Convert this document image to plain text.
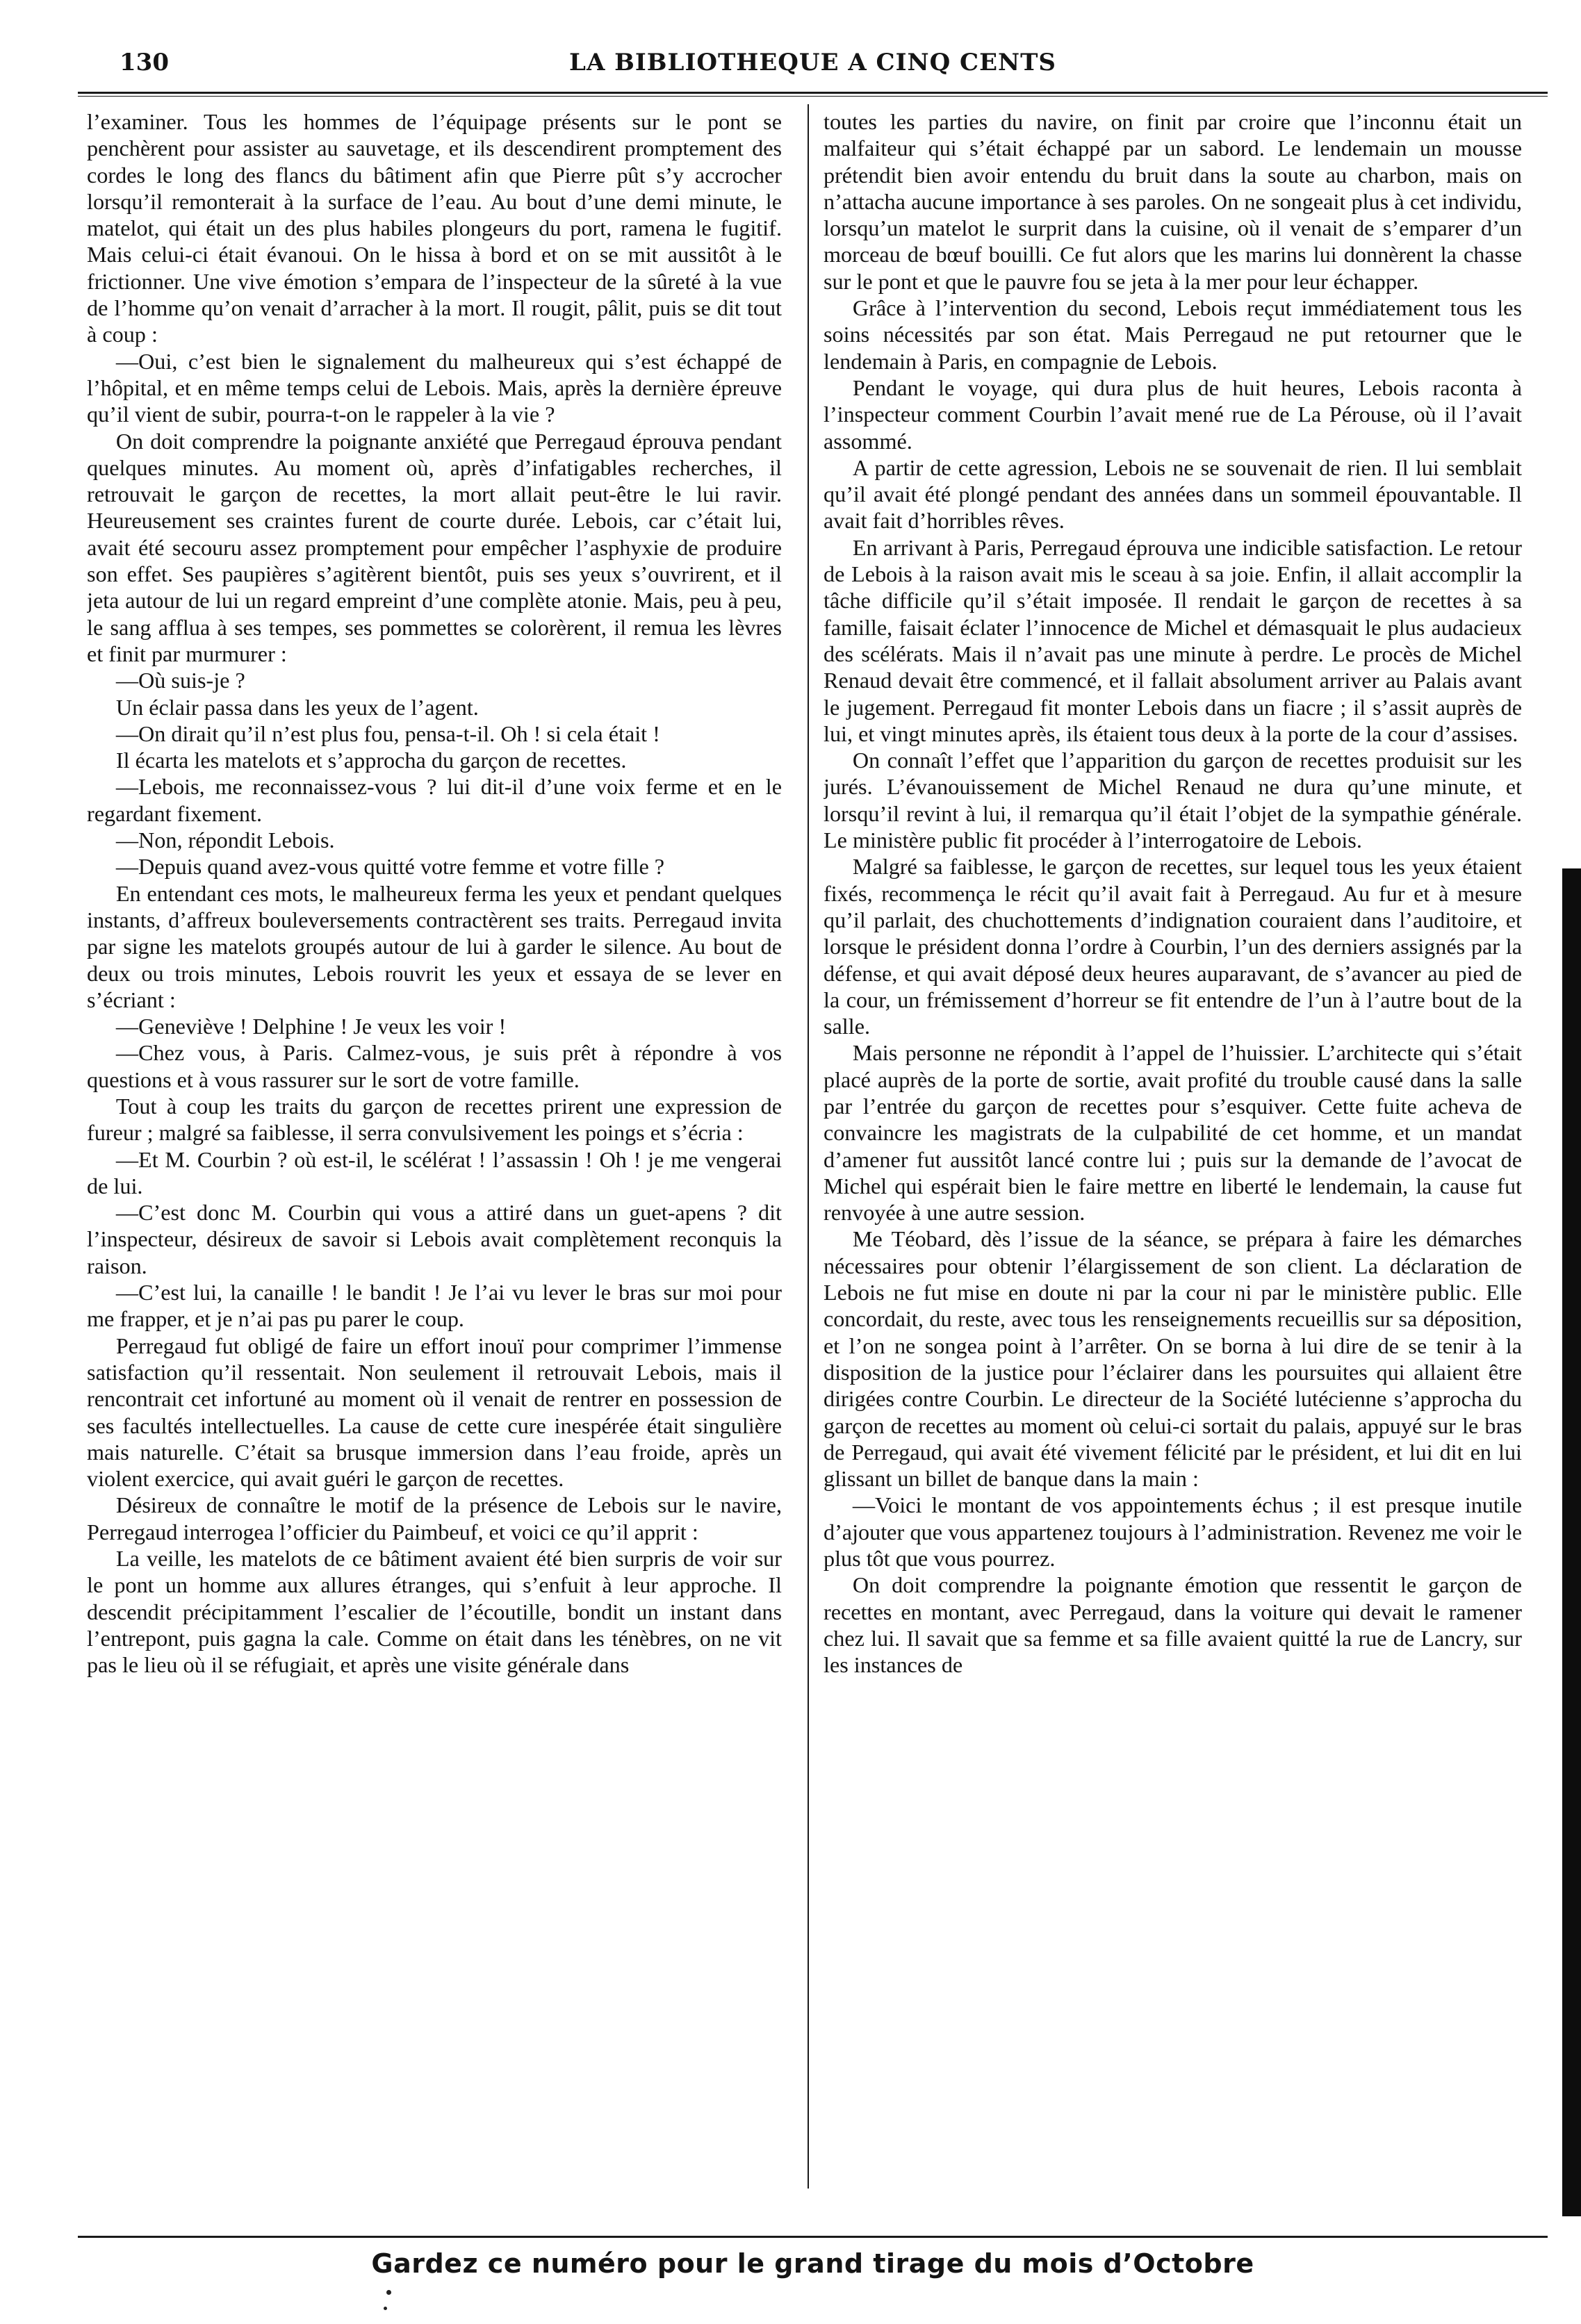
130	LA BIBLIOTHEQUE A CINQ CENTS

l’examiner. Tous les hommes de l’équipage présents sur le pont se penchèrent pour assister au sauvetage, et ils descendirent promptement des cordes le long des flancs du bâtiment afin que Pierre pût s’y accrocher lorsqu’il remonterait à la surface de l’eau. Au bout d’une demi minute, le matelot, qui était un des plus habiles plongeurs du port, ramena le fugitif. Mais celui-ci était évanoui. On le hissa à bord et on se mit aussitôt à le frictionner. Une vive émotion s’empara de l’inspecteur de la sûreté à la vue de l’homme qu’on venait d’arracher à la mort. Il rougit, pâlit, puis se dit tout à coup :

—Oui, c’est bien le signalement du malheureux qui s’est échappé de l’hôpital, et en même temps celui de Lebois. Mais, après la dernière épreuve qu’il vient de subir, pourra-t-on le rappeler à la vie ?

On doit comprendre la poignante anxiété que Perregaud éprouva pendant quelques minutes. Au moment où, après d’infatigables recherches, il retrouvait le garçon de recettes, la mort allait peut-être le lui ravir. Heureusement ses craintes furent de courte durée. Lebois, car c’était lui, avait été secouru assez promptement pour empêcher l’asphyxie de produire son effet. Ses paupières s’agitèrent bientôt, puis ses yeux s’ouvrirent, et il jeta autour de lui un regard empreint d’une complète atonie. Mais, peu à peu, le sang afflua à ses tempes, ses pommettes se colorèrent, il remua les lèvres et finit par murmurer :

—Où suis-je ?

Un éclair passa dans les yeux de l’agent.

—On dirait qu’il n’est plus fou, pensa-t-il. Oh ! si cela était !

Il écarta les matelots et s’approcha du garçon de recettes.

—Lebois, me reconnaissez-vous ? lui dit-il d’une voix ferme et en le regardant fixement.

—Non, répondit Lebois.

—Depuis quand avez-vous quitté votre femme et votre fille ?

En entendant ces mots, le malheureux ferma les yeux et pendant quelques instants, d’affreux bouleversements contractèrent ses traits. Perregaud invita par signe les matelots groupés autour de lui à garder le silence. Au bout de deux ou trois minutes, Lebois rouvrit les yeux et essaya de se lever en s’écriant :

—Geneviève ! Delphine ! Je veux les voir !

—Chez vous, à Paris. Calmez-vous, je suis prêt à répondre à vos questions et à vous rassurer sur le sort de votre famille.

Tout à coup les traits du garçon de recettes prirent une expression de fureur ; malgré sa faiblesse, il serra convulsivement les poings et s’écria :

—Et M. Courbin ? où est-il, le scélérat ! l’assassin ! Oh ! je me vengerai de lui.

—C’est donc M. Courbin qui vous a attiré dans un guet-apens ? dit l’inspecteur, désireux de savoir si Lebois avait complètement reconquis la raison.

—C’est lui, la canaille ! le bandit ! Je l’ai vu lever le bras sur moi pour me frapper, et je n’ai pas pu parer le coup.

Perregaud fut obligé de faire un effort inouï pour comprimer l’immense satisfaction qu’il ressentait. Non seulement il retrouvait Lebois, mais il rencontrait cet infortuné au moment où il venait de rentrer en possession de ses facultés intellectuelles. La cause de cette cure inespérée était singulière mais naturelle. C’était sa brusque immersion dans l’eau froide, après un violent exercice, qui avait guéri le garçon de recettes.

Désireux de connaître le motif de la présence de Lebois sur le navire, Perregaud interrogea l’officier du Paimbeuf, et voici ce qu’il apprit :

La veille, les matelots de ce bâtiment avaient été bien surpris de voir sur le pont un homme aux allures étranges, qui s’enfuit à leur approche. Il descendit précipitamment l’escalier de l’écoutille, bondit un instant dans l’entrepont, puis gagna la cale. Comme on était dans les ténèbres, on ne vit pas le lieu où il se réfugiait, et après une visite générale dans

toutes les parties du navire, on finit par croire que l’inconnu était un malfaiteur qui s’était échappé par un sabord. Le lendemain un mousse prétendit bien avoir entendu du bruit dans la soute au charbon, mais on n’attacha aucune importance à ses paroles. On ne songeait plus à cet individu, lorsqu’un matelot le surprit dans la cuisine, où il venait de s’emparer d’un morceau de bœuf bouilli. Ce fut alors que les marins lui donnèrent la chasse sur le pont et que le pauvre fou se jeta à la mer pour leur échapper.

Grâce à l’intervention du second, Lebois reçut immédiatement tous les soins nécessités par son état. Mais Perregaud ne put retourner que le lendemain à Paris, en compagnie de Lebois.

Pendant le voyage, qui dura plus de huit heures, Lebois raconta à l’inspecteur comment Courbin l’avait mené rue de La Pérouse, où il l’avait assommé.

A partir de cette agression, Lebois ne se souvenait de rien. Il lui semblait qu’il avait été plongé pendant des années dans un sommeil épouvantable. Il avait fait d’horribles rêves.

En arrivant à Paris, Perregaud éprouva une indicible satisfaction. Le retour de Lebois à la raison avait mis le sceau à sa joie. Enfin, il allait accomplir la tâche difficile qu’il s’était imposée. Il rendait le garçon de recettes à sa famille, faisait éclater l’innocence de Michel et démasquait le plus audacieux des scélérats. Mais il n’avait pas une minute à perdre. Le procès de Michel Renaud devait être commencé, et il fallait absolument arriver au Palais avant le jugement. Perregaud fit monter Lebois dans un fiacre ; il s’assit auprès de lui, et vingt minutes après, ils étaient tous deux à la porte de la cour d’assises.

On connaît l’effet que l’apparition du garçon de recettes produisit sur les jurés. L’évanouissement de Michel Renaud ne dura qu’une minute, et lorsqu’il revint à lui, il remarqua qu’il était l’objet de la sympathie générale. Le ministère public fit procéder à l’interrogatoire de Lebois.

Malgré sa faiblesse, le garçon de recettes, sur lequel tous les yeux étaient fixés, recommença le récit qu’il avait fait à Perregaud. Au fur et à mesure qu’il parlait, des chuchottements d’indignation couraient dans l’auditoire, et lorsque le président donna l’ordre à Courbin, l’un des derniers assignés par la défense, et qui avait déposé deux heures auparavant, de s’avancer au pied de la cour, un frémissement d’horreur se fit entendre de l’un à l’autre bout de la salle.

Mais personne ne répondit à l’appel de l’huissier. L’architecte qui s’était placé auprès de la porte de sortie, avait profité du trouble causé dans la salle par l’entrée du garçon de recettes pour s’esquiver. Cette fuite acheva de convaincre les magistrats de la culpabilité de cet homme, et un mandat d’amener fut aussitôt lancé contre lui ; puis sur la demande de l’avocat de Michel qui espérait bien le faire mettre en liberté le lendemain, la cause fut renvoyée à une autre session.

Me Téobard, dès l’issue de la séance, se prépara à faire les démarches nécessaires pour obtenir l’élargissement de son client. La déclaration de Lebois ne fut mise en doute ni par la cour ni par le ministère public. Elle concordait, du reste, avec tous les renseignements recueillis sur sa déposition, et l’on ne songea point à l’arrêter. On se borna à lui dire de se tenir à la disposition de la justice pour l’éclairer dans les poursuites qui allaient être dirigées contre Courbin. Le directeur de la Société lutécienne s’approcha du garçon de recettes au moment où celui-ci sortait du palais, appuyé sur le bras de Perregaud, qui avait été vivement félicité par le président, et lui dit en lui glissant un billet de banque dans la main :

—Voici le montant de vos appointements échus ; il est presque inutile d’ajouter que vous appartenez toujours à l’administration. Revenez me voir le plus tôt que vous pourrez.

On doit comprendre la poignante émotion que ressentit le garçon de recettes en montant, avec Perregaud, dans la voiture qui devait le ramener chez lui. Il savait que sa femme et sa fille avaient quitté la rue de Lancry, sur les instances de

Gardez ce numéro pour le grand tirage du mois d’Octobre
